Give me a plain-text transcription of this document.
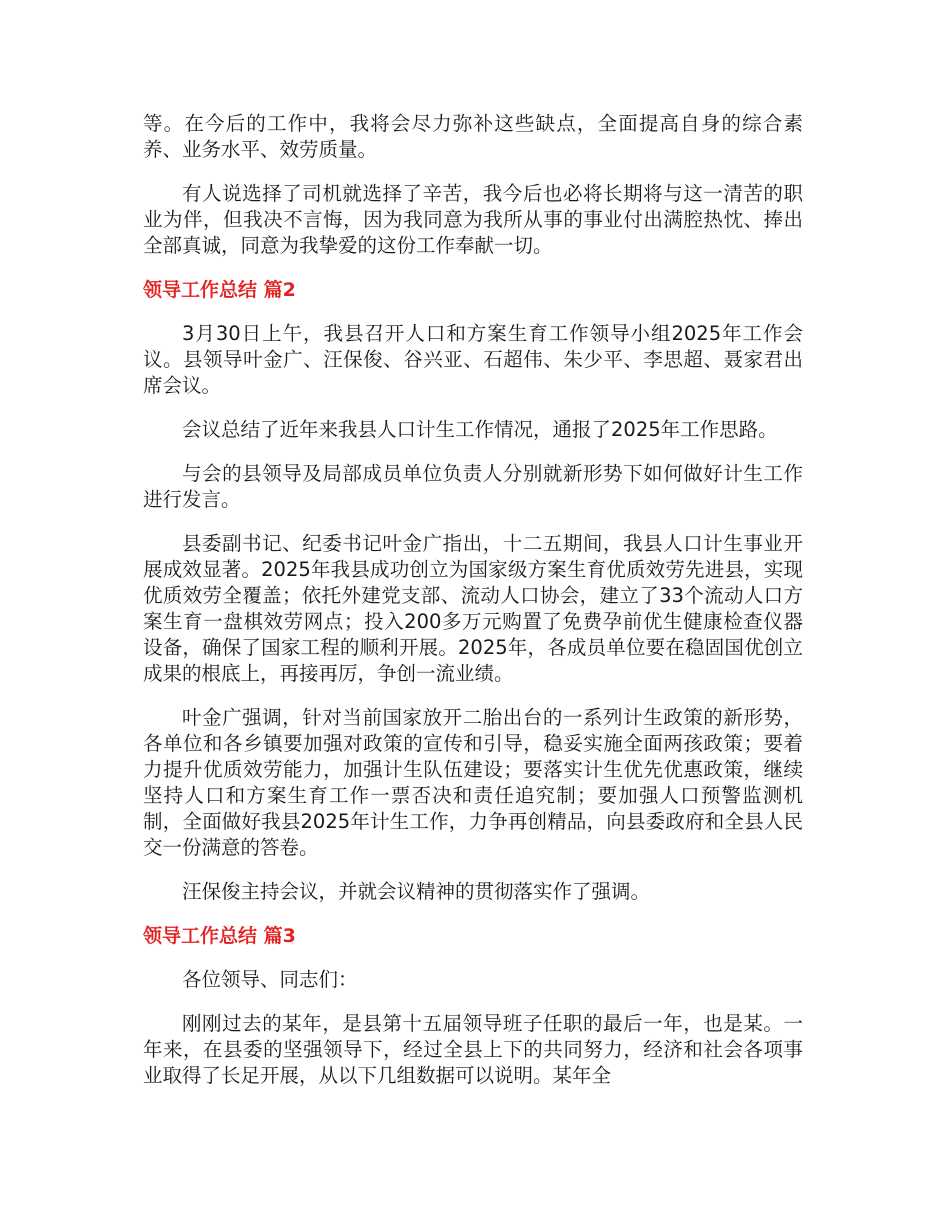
等。在今后的工作中，我将会尽力弥补这些缺点，全面提高自身的综合素养、业务水平、效劳质量。

有人说选择了司机就选择了辛苦，我今后也必将长期将与这一清苦的职业为伴，但我决不言悔，因为我同意为我所从事的事业付出满腔热忱、捧出全部真诚，同意为我挚爱的这份工作奉献一切。

领导工作总结 篇2

3月30日上午，我县召开人口和方案生育工作领导小组2025年工作会议。县领导叶金广、汪保俊、谷兴亚、石超伟、朱少平、李思超、聂家君出席会议。

会议总结了近年来我县人口计生工作情况，通报了2025年工作思路。

与会的县领导及局部成员单位负责人分别就新形势下如何做好计生工作进行发言。

县委副书记、纪委书记叶金广指出，十二五期间，我县人口计生事业开展成效显著。2025年我县成功创立为国家级方案生育优质效劳先进县，实现优质效劳全覆盖；依托外建党支部、流动人口协会，建立了33个流动人口方案生育一盘棋效劳网点；投入200多万元购置了免费孕前优生健康检查仪器设备，确保了国家工程的顺利开展。2025年，各成员单位要在稳固国优创立成果的根底上，再接再厉，争创一流业绩。

叶金广强调，针对当前国家放开二胎出台的一系列计生政策的新形势，各单位和各乡镇要加强对政策的宣传和引导，稳妥实施全面两孩政策；要着力提升优质效劳能力，加强计生队伍建设；要落实计生优先优惠政策，继续坚持人口和方案生育工作一票否决和责任追究制；要加强人口预警监测机制，全面做好我县2025年计生工作，力争再创精品，向县委政府和全县人民交一份满意的答卷。

汪保俊主持会议，并就会议精神的贯彻落实作了强调。

领导工作总结 篇3

各位领导、同志们：

刚刚过去的某年，是县第十五届领导班子任职的最后一年，也是某。一年来，在县委的坚强领导下，经过全县上下的共同努力，经济和社会各项事业取得了长足开展，从以下几组数据可以说明。某年全
